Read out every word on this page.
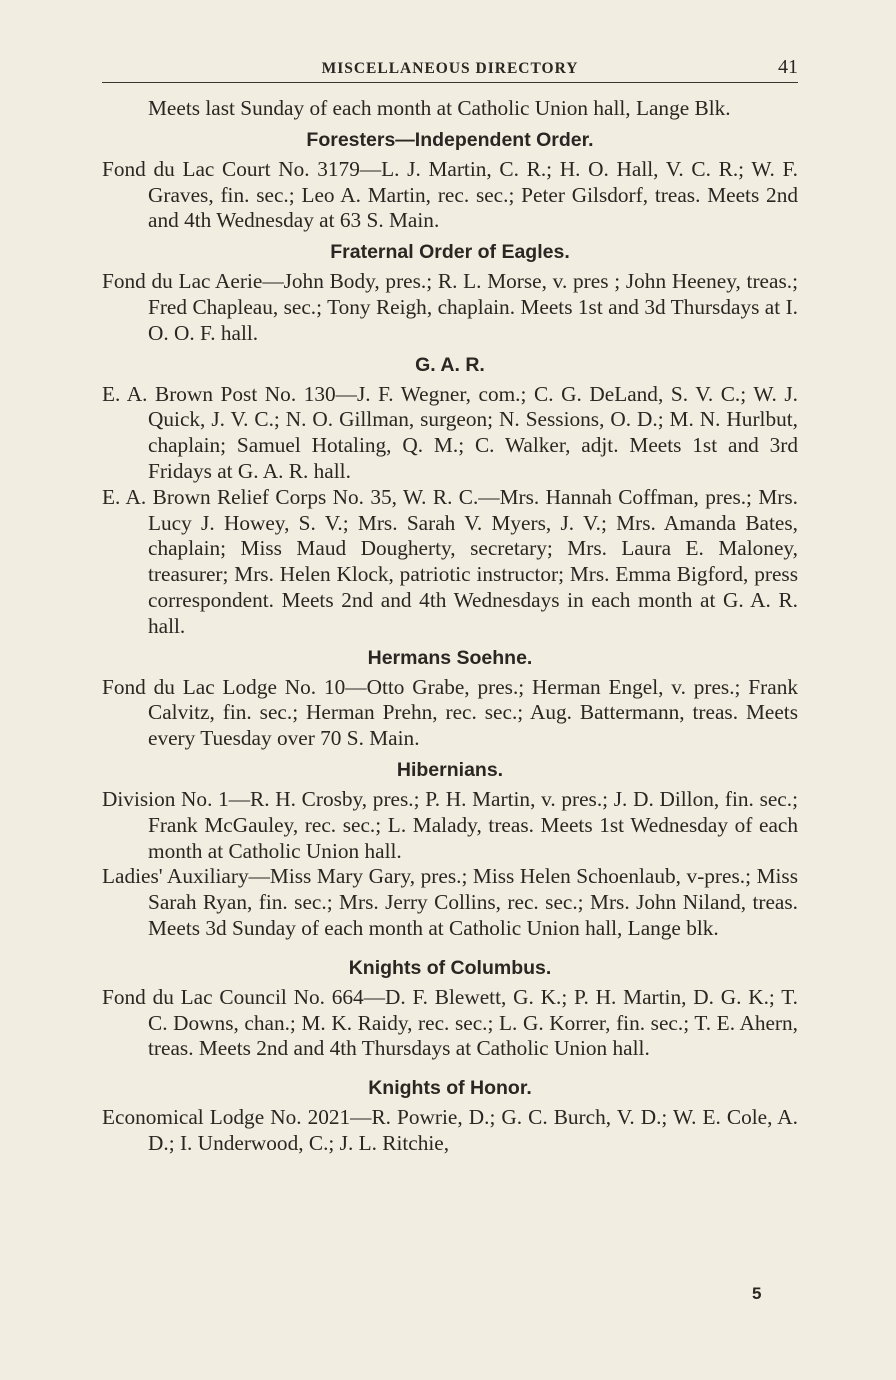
MISCELLANEOUS DIRECTORY	41

Meets last Sunday of each month at Catholic Union hall, Lange Blk.

Foresters—Independent Order.

Fond du Lac Court No. 3179—L. J. Martin, C. R.; H. O. Hall, V. C. R.; W. F. Graves, fin. sec.; Leo A. Martin, rec. sec.; Peter Gilsdorf, treas. Meets 2nd and 4th Wednesday at 63 S. Main.

Fraternal Order of Eagles.

Fond du Lac Aerie—John Body, pres.; R. L. Morse, v. pres ; John Heeney, treas.; Fred Chapleau, sec.; Tony Reigh, chaplain. Meets 1st and 3d Thursdays at I. O. O. F. hall.

G. A. R.

E. A. Brown Post No. 130—J. F. Wegner, com.; C. G. DeLand, S. V. C.; W. J. Quick, J. V. C.; N. O. Gillman, surgeon; N. Sessions, O. D.; M. N. Hurlbut, chaplain; Samuel Hotaling, Q. M.; C. Walker, adjt. Meets 1st and 3rd Fridays at G. A. R. hall.

E. A. Brown Relief Corps No. 35, W. R. C.—Mrs. Hannah Coffman, pres.; Mrs. Lucy J. Howey, S. V.; Mrs. Sarah V. Myers, J. V.; Mrs. Amanda Bates, chaplain; Miss Maud Dougherty, secretary; Mrs. Laura E. Maloney, treasurer; Mrs. Helen Klock, patriotic instructor; Mrs. Emma Bigford, press correspondent. Meets 2nd and 4th Wednesdays in each month at G. A. R. hall.

Hermans Soehne.

Fond du Lac Lodge No. 10—Otto Grabe, pres.; Herman Engel, v. pres.; Frank Calvitz, fin. sec.; Herman Prehn, rec. sec.; Aug. Battermann, treas. Meets every Tuesday over 70 S. Main.

Hibernians.

Division No. 1—R. H. Crosby, pres.; P. H. Martin, v. pres.; J. D. Dillon, fin. sec.; Frank McGauley, rec. sec.; L. Malady, treas. Meets 1st Wednesday of each month at Catholic Union hall.

Ladies' Auxiliary—Miss Mary Gary, pres.; Miss Helen Schoenlaub, v-pres.; Miss Sarah Ryan, fin. sec.; Mrs. Jerry Collins, rec. sec.; Mrs. John Niland, treas. Meets 3d Sunday of each month at Catholic Union hall, Lange blk.

Knights of Columbus.

Fond du Lac Council No. 664—D. F. Blewett, G. K.; P. H. Martin, D. G. K.; T. C. Downs, chan.; M. K. Raidy, rec. sec.; L. G. Korrer, fin. sec.; T. E. Ahern, treas. Meets 2nd and 4th Thursdays at Catholic Union hall.

Knights of Honor.

Economical Lodge No. 2021—R. Powrie, D.; G. C. Burch, V. D.; W. E. Cole, A. D.; I. Underwood, C.; J. L. Ritchie,

5
